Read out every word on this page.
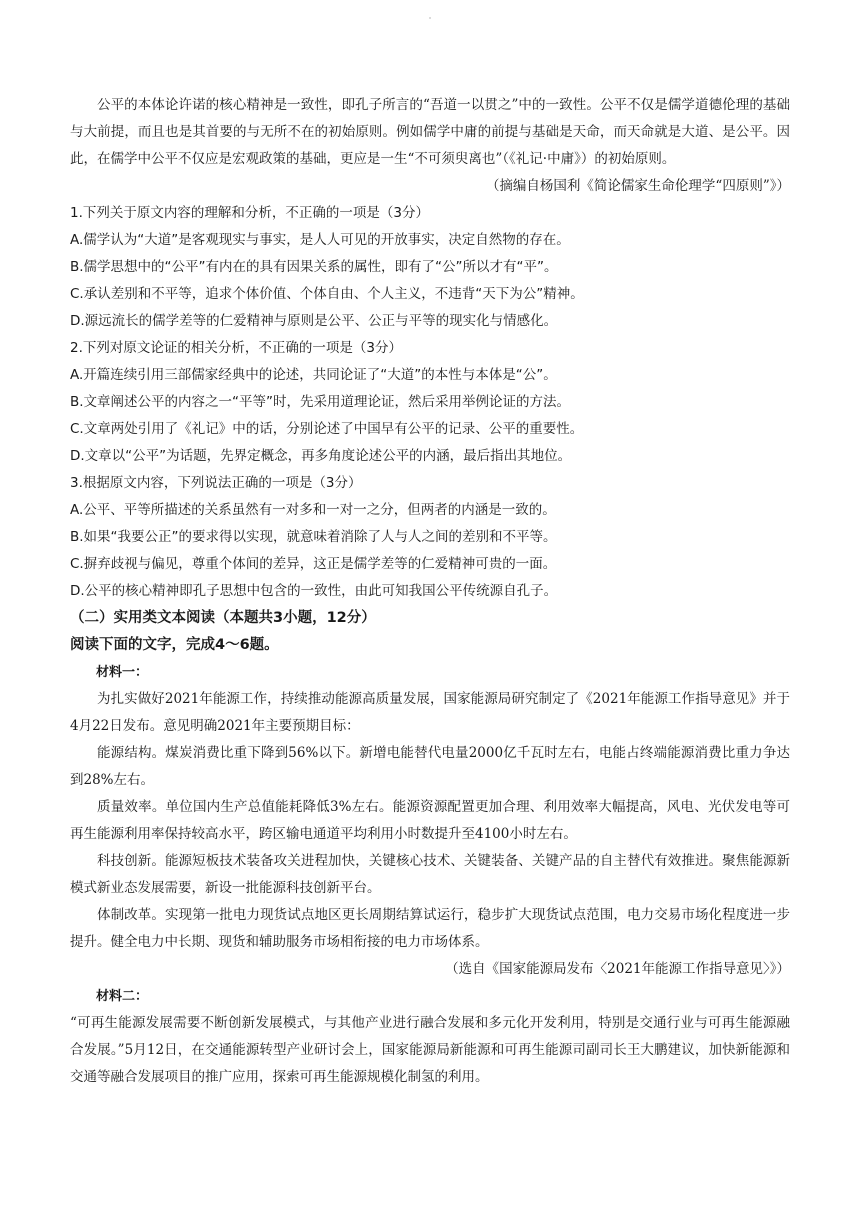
·

公平的本体论许诺的核心精神是一致性，即孔子所言的“吾道一以贯之”中的一致性。公平不仅是儒学道德伦理的基础与大前提，而且也是其首要的与无所不在的初始原则。例如儒学中庸的前提与基础是天命，而天命就是大道、是公平。因此，在儒学中公平不仅应是宏观政策的基础，更应是一生“不可须臾离也”（《礼记·中庸》）的初始原则。

（摘编自杨国利《简论儒家生命伦理学“四原则”》）

1.下列关于原文内容的理解和分析，不正确的一项是（3分）

A.儒学认为“大道”是客观现实与事实，是人人可见的开放事实，决定自然物的存在。

B.儒学思想中的“公平”有内在的具有因果关系的属性，即有了“公”所以才有“平”。

C.承认差别和不平等，追求个体价值、个体自由、个人主义，不违背“天下为公”精神。

D.源远流长的儒学差等的仁爱精神与原则是公平、公正与平等的现实化与情感化。

2.下列对原文论证的相关分析，不正确的一项是（3分）

A.开篇连续引用三部儒家经典中的论述，共同论证了“大道”的本性与本体是“公”。

B.文章阐述公平的内容之一“平等”时，先采用道理论证，然后采用举例论证的方法。

C.文章两处引用了《礼记》中的话，分别论述了中国早有公平的记录、公平的重要性。

D.文章以“公平”为话题，先界定概念，再多角度论述公平的内涵，最后指出其地位。

3.根据原文内容，下列说法正确的一项是（3分）

A.公平、平等所描述的关系虽然有一对多和一对一之分，但两者的内涵是一致的。

B.如果“我要公正”的要求得以实现，就意味着消除了人与人之间的差别和不平等。

C.摒弃歧视与偏见，尊重个体间的差异，这正是儒学差等的仁爱精神可贵的一面。

D.公平的核心精神即孔子思想中包含的一致性，由此可知我国公平传统源自孔子。

（二）实用类文本阅读（本题共3小题，12分）

阅读下面的文字，完成4～6题。

材料一：

为扎实做好2021年能源工作，持续推动能源高质量发展，国家能源局研究制定了《2021年能源工作指导意见》并于4月22日发布。意见明确2021年主要预期目标：

能源结构。煤炭消费比重下降到56%以下。新增电能替代电量2000亿千瓦时左右，电能占终端能源消费比重力争达到28%左右。

质量效率。单位国内生产总值能耗降低3%左右。能源资源配置更加合理、利用效率大幅提高，风电、光伏发电等可再生能源利用率保持较高水平，跨区输电通道平均利用小时数提升至4100小时左右。

科技创新。能源短板技术装备攻关进程加快，关键核心技术、关键装备、关键产品的自主替代有效推进。聚焦能源新模式新业态发展需要，新设一批能源科技创新平台。

体制改革。实现第一批电力现货试点地区更长周期结算试运行，稳步扩大现货试点范围，电力交易市场化程度进一步提升。健全电力中长期、现货和辅助服务市场相衔接的电力市场体系。

（选自《国家能源局发布〈2021年能源工作指导意见〉》）

材料二：

“可再生能源发展需要不断创新发展模式，与其他产业进行融合发展和多元化开发利用，特别是交通行业与可再生能源融合发展。”5月12日，在交通能源转型产业研讨会上，国家能源局新能源和可再生能源司副司长王大鹏建议，加快新能源和交通等融合发展项目的推广应用，探索可再生能源规模化制氢的利用。
